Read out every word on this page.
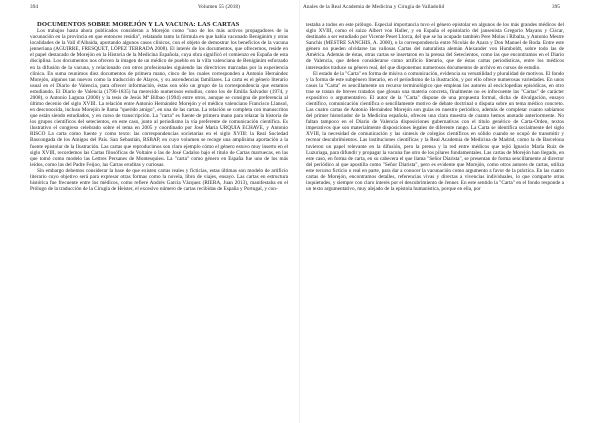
394	Volumen 55 (2018)	Anales de la Real Academia de Medicina y Cirugía de Valladolid	395

DOCUMENTOS SOBRE MOREJÓN Y LA VACUNA: LAS CARTAS

Los trabajos hasta ahora publicados consideran a Morejón como "uno de los más activos propagadores de la vacunación en la provincia en que entonces residía", relatando tanto la fórmula en que había vacunado Benigánim y otras localidades de la Vall d'Albaida, aportando algunos casos clínicos, con el objeto de demostrar los beneficios de la vacuna jenneriana (AGUIRRE, FRESQUET, LÓPEZ TERRADA 2008). El interés de los documentos, que ofrecemos, reside en el papel destacado de Morejón en la Historia de la Medicina Española, cuya obra significó el comienzo en España de esta disciplina. Los documentos nos ofrecen la imagen de un médico de pueblo en la villa valenciana de Benigánim esforzado en la difusión de la vacuna, y relacionado con otros profesionales siguiendo las directrices marcadas por la experiencia clínica. En suma reunimos diez documentos de primera mano, cinco de los cuales corresponden a Antonio Hernández Morejón, algunos tan nuevos como la traducción de Alayos, y su ascendencias familiares. La carta es el género literario usual en el Diario de Valencia, para ofrecer información, éstas son sólo un grupo de la correspondencia que estamos estudiando. El Diario de Valencia (1790-1835) ha merecido numerosos estudios, como los de Emilia Salvador (1974, y 2008), o Antonio Laguna (2000) y la tesis de Jesús Mª Bilbao (1994) entre otros, aunque se consigna de preferencia al último decenio del siglo XVIII. La relación entre Antonio Hernández Morejón y el médico valenciano Francisco Llansol, en desconocida, incluso Morejón le llama "querido amigo", en una de las cartas. La relación se completa con manuscritos que están siendo estudiados, y en curso de transcripción. La "carta" es fuente de primera mano para relazar la historia de los grupos científicos del setecientos, en este caso, junto al periodismo la vía preferente de comunicación científica. Es ilustrativo el congreso celebrado sobre el tema en 2005 y coordinado por José María URQUIA ECHAVE, y Antonio RISCO La carta como fuente y como texto: las correspondencias societarias en el siglo XVIII: la Real Sociedad Bascongada de los Amigos del País. San Sebastián, RSBAP, en cuyo volumen se recoge una amplísima aportación a la fuente epistolar de la Ilustración. Las cartas que reproducimos son claro ejemplo cómo el género estuvo muy inserto en el siglo XVIII, recordemos las Cartas filosóficas de Voltaire o las de José Cadalso bajo el título de Cartas marruecas, en las que tomó como modelo las Lettres Persanes de Montesquieu. La "carta" como género en España fue uno de los más leídos, como las del Padre Feijoo, las Cartas eruditas y curiosas.

Sin embargo debemos considerar la base de que existen cartas reales y ficticias, estas últimas son modelo de artificio literario cuyo objetivo será para expresar otras formas como la novela, libro de viajes, ensayo. Las cartas en estructura histórica fue frecuente entre los médicos, como refiere Andrés García Vázquez (RIERA, Juan 2013), manifestaba en el Prólogo de la traducción de la Cirugía de Heister, el excesivo número de cartas recibidas de España y Portugal, y con-

testaba a todos en este prólogo. Especial importancia tuvo el género epistolar en algunos de los más grandes médicos del siglo XVIII, como el suizo Albert von Haller, y en España el epistolario del jansenista Gregorio Mayans y Císcar, destinado a ser estudiado por Vicente Peset Llorca, del que se ha ocupado también Pere Molas i Ribalta, y Antonio Mestre Sanchis (MESTRE SANCHIS, A. 2000), o la correspondencia entre Nicolás de Azara y Don Manuel de Roda. Entre este género no pueden olvidarse las valiosas Cartas del naturalista alemán Alexander von Humboldt, sobre todo las de América. Además de éstas, otras cartas se insertaron en la prensa del Setecientos, como las que encontramos en el Diario de Valencia, que deben considerarse como artificio literario, que de éstas cartas periodísticas, entre los médicos interesados traduce su género real, del que disponemos numerosos documentos de archivo en cursos de estudio.

El estado de la "Carta" en forma de misiva o comunicación, evidencia su versatilidad y pluralidad de motivos. El fondo y la forma de este subgénero literario, en el periodismo de la ilustración, y por ello ofrece numerosas variedades. En unos casos la "Carta" es sencillamente un recurso terminológico que emplean los autores al enciclopedias episódicas, en otro trae se tratan de breves tratados que glosan una materia concreta, finalmente no es infrecuente las "Cartas" de carácter expositivo o argumentativo. El autor de la "Carta" dispone de una propuesta formal, dicha de divulgación, ensayo científico, comunicación científica o sencillamente motivo de debate doctrinal o disputa sobre un tema médico concreto. Las cuatro cartas de Antonio Hernández Morejón son guías en nuestro periódico, además de completar cuanto sabíamos del primer historiador de la Medicina española, ofrecen una clara muestra de cuanto hemos anotado anteriormente. No faltan tampoco en el Diario de Valencia disposiciones gubernativas con el título genérico de Carta-Orden, textos imperativos que son materialmente disposiciones legales de diferente rango. La Carta se identifica socialmente del siglo XVIII, la necesidad de comunicación y las sintesis de colegios científicos en sólido cuando se ocupó de transmitir y recrear descubrimientos. Las instituciones científicas y la Real Academia de Medicina de Madrid, como la de Barcelona tuvieron un papel relevante en la difusión, pero la prensa y la red entre médicos que tejió Ignacio María Ruiz de Luzuriaga, para difundir y propagar la vacuna fue otro de los pilares fundamentales. Las cartas de Morejón han llegado, en este caso, en forma de carta, en su cabecera el que llama "Señor Diarista", se presentan de forma sencillamente al director del periódico al que apostilla como "Señor Diarista", pero es evidente que Morejón, como otros autores de cartas, utiliza este recurso ficticio o real en parte, para dar a conocer la vacunación como argumento a favor de la práctica. En las cuatro cartas de Morejón, encontramos detalles, referencias vivas y directas a vivencias individuales, lo que comparte otras inquietudes, y siempre con claro interés por el descubrimiento de Jenner. En este sentido la "Carta" en el fondo responde a un texto argumentativo, muy alejado de la epístola humanística, porque en ella, por
